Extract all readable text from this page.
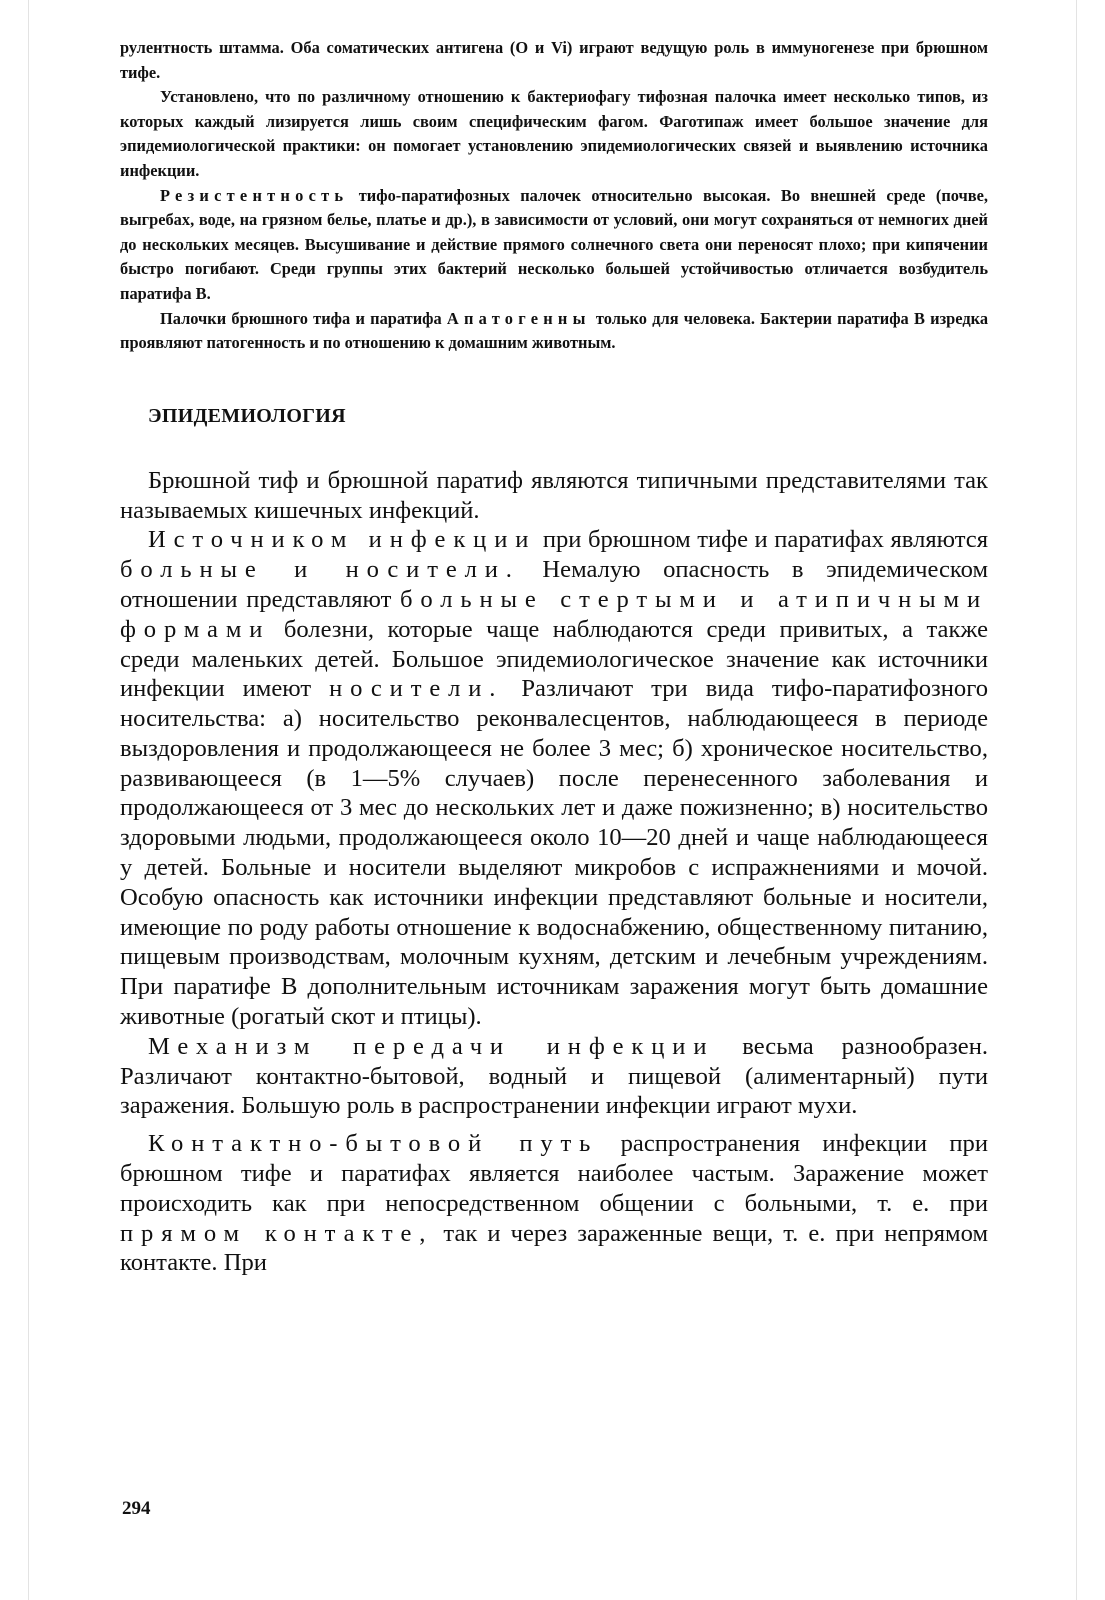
рулентность штамма. Оба соматических антигена (О и Vi) играют ведущую роль в иммуногенезе при брюшном тифе.

Установлено, что по различному отношению к бактериофагу тифозная палочка имеет несколько типов, из которых каждый лизируется лишь своим специфическим фагом. Фаготипаж имеет большое значение для эпидемиологической практики: он помогает установлению эпидемиологических связей и выявлению источника инфекции.

Резистентность тифо-паратифозных палочек относительно высокая. Во внешней среде (почве, выгребах, воде, на грязном белье, платье и др.), в зависимости от условий, они могут сохраняться от немногих дней до нескольких месяцев. Высушивание и действие прямого солнечного света они переносят плохо; при кипячении быстро погибают. Среди группы этих бактерий несколько большей устойчивостью отличается возбудитель паратифа В.

Палочки брюшного тифа и паратифа А патогенны только для человека. Бактерии паратифа В изредка проявляют патогенность и по отношению к домашним животным.

ЭПИДЕМИОЛОГИЯ

Брюшной тиф и брюшной паратиф являются типичными представителями так называемых кишечных инфекций.

Источником инфекции при брюшном тифе и паратифах являются больные и носители. Немалую опасность в эпидемическом отношении представляют больные стертыми и атипичными формами болезни, которые чаще наблюдаются среди привитых, а также среди маленьких детей. Большое эпидемиологическое значение как источники инфекции имеют носители. Различают три вида тифо-паратифозного носительства: а) носительство реконвалесцентов, наблюдающееся в периоде выздоровления и продолжающееся не более 3 мес; б) хроническое носительство, развивающееся (в 1—5% случаев) после перенесенного заболевания и продолжающееся от 3 мес до нескольких лет и даже пожизненно; в) носительство здоровыми людьми, продолжающееся около 10—20 дней и чаще наблюдающееся у детей. Больные и носители выделяют микробов с испражнениями и мочой. Особую опасность как источники инфекции представляют больные и носители, имеющие по роду работы отношение к водоснабжению, общественному питанию, пищевым производствам, молочным кухням, детским и лечебным учреждениям. При паратифе В дополнительным источникам заражения могут быть домашние животные (рогатый скот и птицы).

Механизм передачи инфекции весьма разнообразен. Различают контактно-бытовой, водный и пищевой (алиментарный) пути заражения. Большую роль в распространении инфекции играют мухи.

Контактно-бытовой путь распространения инфекции при брюшном тифе и паратифах является наиболее частым. Заражение может происходить как при непосредственном общении с больными, т. е. при прямом контакте, так и через зараженные вещи, т. е. при непрямом контакте. При

294
